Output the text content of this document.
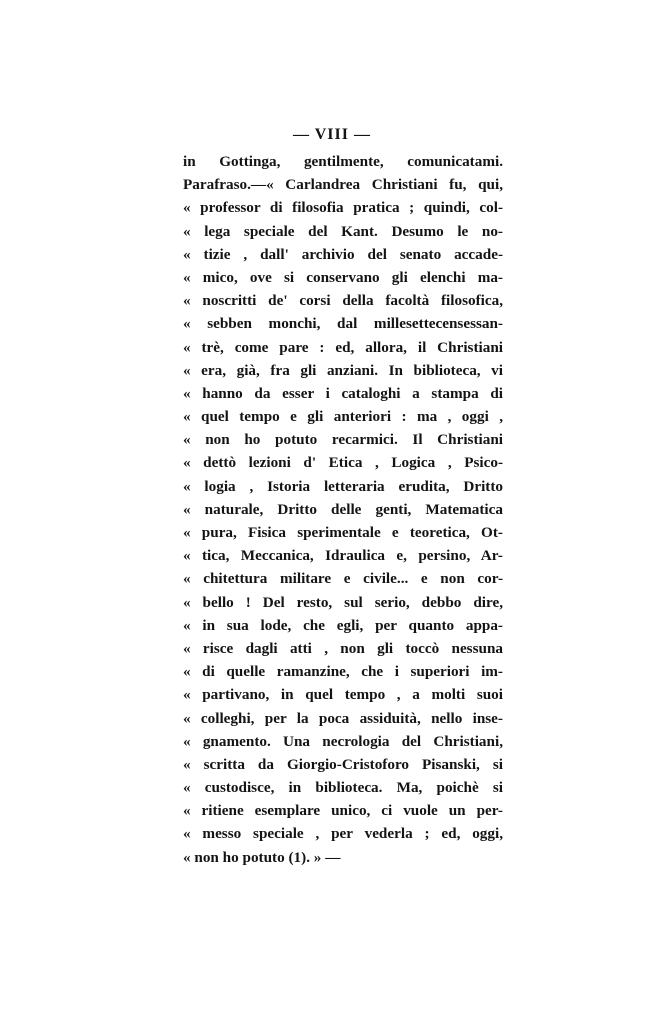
— VIII —
in Gottinga, gentilmente, comunicatami.
Parafraso.—« Carlandrea Christiani fu, qui,
« professor di filosofia pratica ; quindi, col-
« lega speciale del Kant. Desumo le no-
« tizie , dall' archivio del senato accade-
« mico, ove si conservano gli elenchi ma-
« noscritti de' corsi della facoltà filosofica,
« sebben monchi, dal millesettecensessan-
« trè, come pare : ed, allora, il Christiani
« era, già, fra gli anziani. In biblioteca, vi
« hanno da esser i cataloghi a stampa di
« quel tempo e gli anteriori : ma , oggi ,
« non ho potuto recarmici. Il Christiani
« dettò lezioni d' Etica , Logica , Psico-
« logia , Istoria letteraria erudita, Dritto
« naturale, Dritto delle genti, Matematica
« pura, Fisica sperimentale e teoretica, Ot-
« tica, Meccanica, Idraulica e, persino, Ar-
« chitettura militare e civile... e non cor-
« bello ! Del resto, sul serio, debbo dire,
« in sua lode, che egli, per quanto appa-
« risce dagli atti , non gli toccò nessuna
« di quelle ramanzine, che i superiori im-
« partivano, in quel tempo , a molti suoi
« colleghi, per la poca assiduità, nello inse-
« gnamento. Una necrologia del Christiani,
« scritta da Giorgio-Cristoforo Pisanski, si
« custodisce, in biblioteca. Ma, poichè si
« ritiene esemplare unico, ci vuole un per-
« messo speciale , per vederla ; ed, oggi,
« non ho potuto (1). » —
